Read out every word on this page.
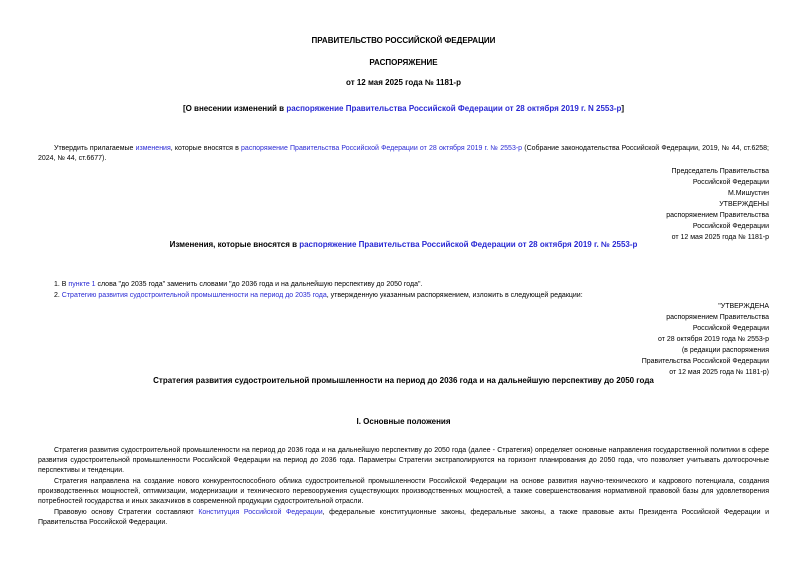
ПРАВИТЕЛЬСТВО РОССИЙСКОЙ ФЕДЕРАЦИИ
РАСПОРЯЖЕНИЕ
от 12 мая 2025 года № 1181-р
[О внесении изменений в распоряжение Правительства Российской Федерации от 28 октября 2019 г. N 2553-р]
Утвердить прилагаемые изменения, которые вносятся в распоряжение Правительства Российской Федерации от 28 октября 2019 г. № 2553-р (Собрание законодательства Российской Федерации, 2019, № 44, ст.6258; 2024, № 44, ст.6677).
Председатель Правительства
Российской Федерации
М.Мишустин
УТВЕРЖДЕНЫ
распоряжением Правительства
Российской Федерации
от 12 мая 2025 года № 1181-р
Изменения, которые вносятся в распоряжение Правительства Российской Федерации от 28 октября 2019 г. № 2553-р
1. В пункте 1 слова "до 2035 года" заменить словами "до 2036 года и на дальнейшую перспективу до 2050 года".
2. Стратегию развития судостроительной промышленности на период до 2035 года, утвержденную указанным распоряжением, изложить в следующей редакции:
"УТВЕРЖДЕНА
распоряжением Правительства
Российской Федерации
от 28 октября 2019 года № 2553-р
(в редакции распоряжения
Правительства Российской Федерации
от 12 мая 2025 года № 1181-р)
Стратегия развития судостроительной промышленности на период до 2036 года и на дальнейшую перспективу до 2050 года
I. Основные положения
Стратегия развития судостроительной промышленности на период до 2036 года и на дальнейшую перспективу до 2050 года (далее - Стратегия) определяет основные направления государственной политики в сфере развития судостроительной промышленности Российской Федерации на период до 2036 года. Параметры Стратегии экстраполируются на горизонт планирования до 2050 года, что позволяет учитывать долгосрочные перспективы и тенденции.
Стратегия направлена на создание нового конкурентоспособного облика судостроительной промышленности Российской Федерации на основе развития научно-технического и кадрового потенциала, создания производственных мощностей, оптимизации, модернизации и технического перевооружения существующих производственных мощностей, а также совершенствования нормативной правовой базы для удовлетворения потребностей государства и иных заказчиков в современной продукции судостроительной отрасли.
Правовую основу Стратегии составляют Конституция Российской Федерации, федеральные конституционные законы, федеральные законы, а также правовые акты Президента Российской Федерации и Правительства Российской Федерации.
